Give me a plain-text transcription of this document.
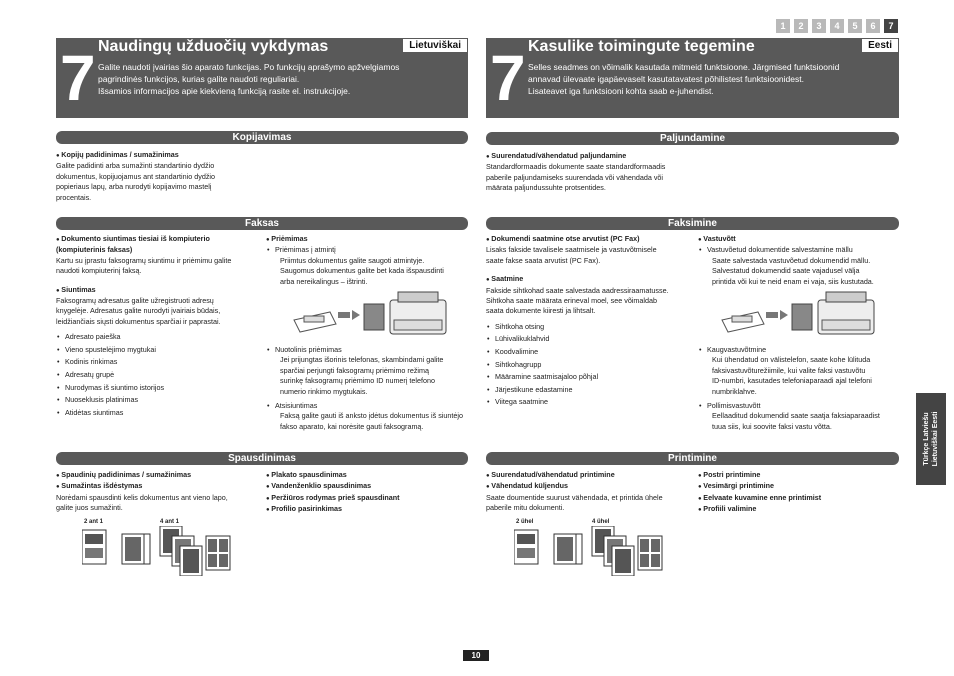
1	2	3	4	5	6	7
7 Naudingų užduočių vykdymas	Lietuviškai
Galite naudoti įvairias šio aparato funkcijas. Po funkcijų aprašymo apžvelgiamos
pagrindinės funkcijos, kurias galite naudoti reguliariai.
Išsamios informacijos apie kiekvieną funkciją rasite el. instrukcijoje.
Kopijavimas
● Kopijų padidinimas / sumažinimas
Galite padidinti arba sumažinti standartinio dydžio
dokumentus, kopijuojamus ant standartinio dydžio
popieriaus lapų, arba nurodyti kopijavimo mastelį
procentais.
Faksas
● Dokumento siuntimas tiesiai iš kompiuterio (kompiuterinis faksas)
Kartu su įprastu faksogramų siuntimu ir priėmimu galite
naudoti kompiuterinį faksą.
● Siuntimas
Faksogramų adresatus galite užregistruoti adresų
knygelėje. Adresatus galite nurodyti įvairiais būdais,
leidžiančiais siųsti dokumentus sparčiai ir paprastai.
• Adresato paieška
• Vieno spustelėjimo mygtukai
• Kodinis rinkimas
• Adresatų grupė
• Nurodymas iš siuntimo istorijos
• Nuoseklusis platinimas
• Atidėtas siuntimas
● Priėmimas
• Priėmimas į atmintį
Priimtus dokumentus galite saugoti atmintyje.
Saugomus dokumentus galite bet kada išspausdinti
arba nereikalingus – ištrinti.
• Nuotolinis priėmimas
Jei prijungtas išorinis telefonas, skambindami galite
sparčiai perjungti faksogramų priėmimo režimą
surinkę faksogramų priėmimo ID numerį telefono
numerio rinkimo mygtukais.
• Atsisiuntimas
Faksą galite gauti iš anksto įdėtus dokumentus iš siuntėjo
fakso aparato, kai norėsite gauti faksogramą.
Spausdinimas
● Spaudinių padidinimas / sumažinimas
● Sumažintas išdėstymas
Norėdami spausdinti kelis dokumentus ant vieno lapo,
galite juos sumažinti.
● Plakato spausdinimas
● Vandenženklio spausdinimas
● Peržiūros rodymas prieš spausdinant
● Profilio pasirinkimas
2 ant 1	4 ant 1
7 Kasulike toimingute tegemine	Eesti
Selles seadmes on võimalik kasutada mitmeid funktsioone. Järgmised funktsioonid
annavad ülevaate igapäevaselt kasutatavatest põhilistest funktsioonidest.
Lisateavet iga funktsiooni kohta saab e-juhendist.
Paljundamine
● Suurendatud/vähendatud paljundamine
Standardformaadis dokumente saate standardformaadis
paberile paljundamiseks suurendada või vähendada või
määrata paljundussuhte protsentides.
Faksimine
● Dokumendi saatmine otse arvutist (PC Fax)
Lisaks fakside tavalisele saatmisele ja vastuvõtmisele
saate fakse saata arvutist (PC Fax).
● Saatmine
Fakside sihtkohad saate salvestada aadressiraamatusse.
Sihtkoha saate määrata erineval moel, see võimaldab
saata dokumente kiiresti ja lihtsalt.
• Sihtkoha otsing
• Lühivalikuklahvid
• Koodvalimine
• Sihtkohagrupp
• Määramine saatmisajaloo põhjal
• Järjestikune edastamine
• Viitega saatmine
● Vastuvõtt
• Vastuvõetud dokumentide salvestamine mällu
Saate salvestada vastuvõetud dokumendid mällu.
Salvestatud dokumendid saate vajadusel välja
printida või kui te neid enam ei vaja, siis kustutada.
• Kaugvastuvõtmine
Kui ühendatud on välistelefon, saate kohe lülituda
faksivastuvõturežiimile, kui valite faksi vastuvõtu
ID-numbri, kasutades telefoniaparaadi ajal telefoni
numbriklahve.
• Pollimisvastuvõtt
Eellaaditud dokumendid saate saatja faksiaparaadist
tuua siis, kui soovite faksi vastu võtta.
Printimine
● Suurendatud/vähendatud printimine
● Vähendatud küljendus
Saate doumentide suurust vähendada, et printida ühele
paberile mitu dokumenti.
● Postri printimine
● Vesimärgi printimine
● Eelvaate kuvamine enne printimist
● Profiili valimine
2 ühel	4 ühel
Türkçe Latviešu Lietuviškai Eesti
10
